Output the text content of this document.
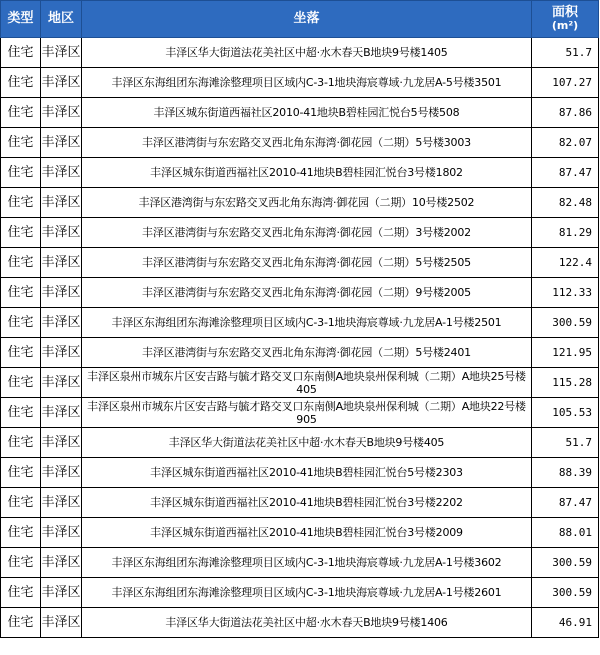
类型	地区	坐落	面积
(m²)

住宅	丰泽区	丰泽区华大街道法花美社区中超·水木春天B地块9号楼1405	51.7
住宅	丰泽区	丰泽区东海组团东海滩涂整理项目区域内C-3-1地块海宸尊域·九龙居A-5号楼3501	107.27
住宅	丰泽区	丰泽区城东街道西福社区2010-41地块B碧桂园汇悦台5号楼508	87.86
住宅	丰泽区	丰泽区港湾街与东宏路交叉西北角东海湾·御花园（二期）5号楼3003	82.07
住宅	丰泽区	丰泽区城东街道西福社区2010-41地块B碧桂园汇悦台3号楼1802	87.47
住宅	丰泽区	丰泽区港湾街与东宏路交叉西北角东海湾·御花园（二期）10号楼2502	82.48
住宅	丰泽区	丰泽区港湾街与东宏路交叉西北角东海湾·御花园（二期）3号楼2002	81.29
住宅	丰泽区	丰泽区港湾街与东宏路交叉西北角东海湾·御花园（二期）5号楼2505	122.4
住宅	丰泽区	丰泽区港湾街与东宏路交叉西北角东海湾·御花园（二期）9号楼2005	112.33
住宅	丰泽区	丰泽区东海组团东海滩涂整理项目区域内C-3-1地块海宸尊域·九龙居A-1号楼2501	300.59
住宅	丰泽区	丰泽区港湾街与东宏路交叉西北角东海湾·御花园（二期）5号楼2401	121.95
住宅	丰泽区	丰泽区泉州市城东片区安吉路与毓才路交叉口东南侧A地块泉州保利城（二期）A地块25号楼405	115.28
住宅	丰泽区	丰泽区泉州市城东片区安吉路与毓才路交叉口东南侧A地块泉州保利城（二期）A地块22号楼905	105.53
住宅	丰泽区	丰泽区华大街道法花美社区中超·水木春天B地块9号楼405	51.7
住宅	丰泽区	丰泽区城东街道西福社区2010-41地块B碧桂园汇悦台5号楼2303	88.39
住宅	丰泽区	丰泽区城东街道西福社区2010-41地块B碧桂园汇悦台3号楼2202	87.47
住宅	丰泽区	丰泽区城东街道西福社区2010-41地块B碧桂园汇悦台3号楼2009	88.01
住宅	丰泽区	丰泽区东海组团东海滩涂整理项目区域内C-3-1地块海宸尊域·九龙居A-1号楼3602	300.59
住宅	丰泽区	丰泽区东海组团东海滩涂整理项目区域内C-3-1地块海宸尊域·九龙居A-1号楼2601	300.59
住宅	丰泽区	丰泽区华大街道法花美社区中超·水木春天B地块9号楼1406	46.91
